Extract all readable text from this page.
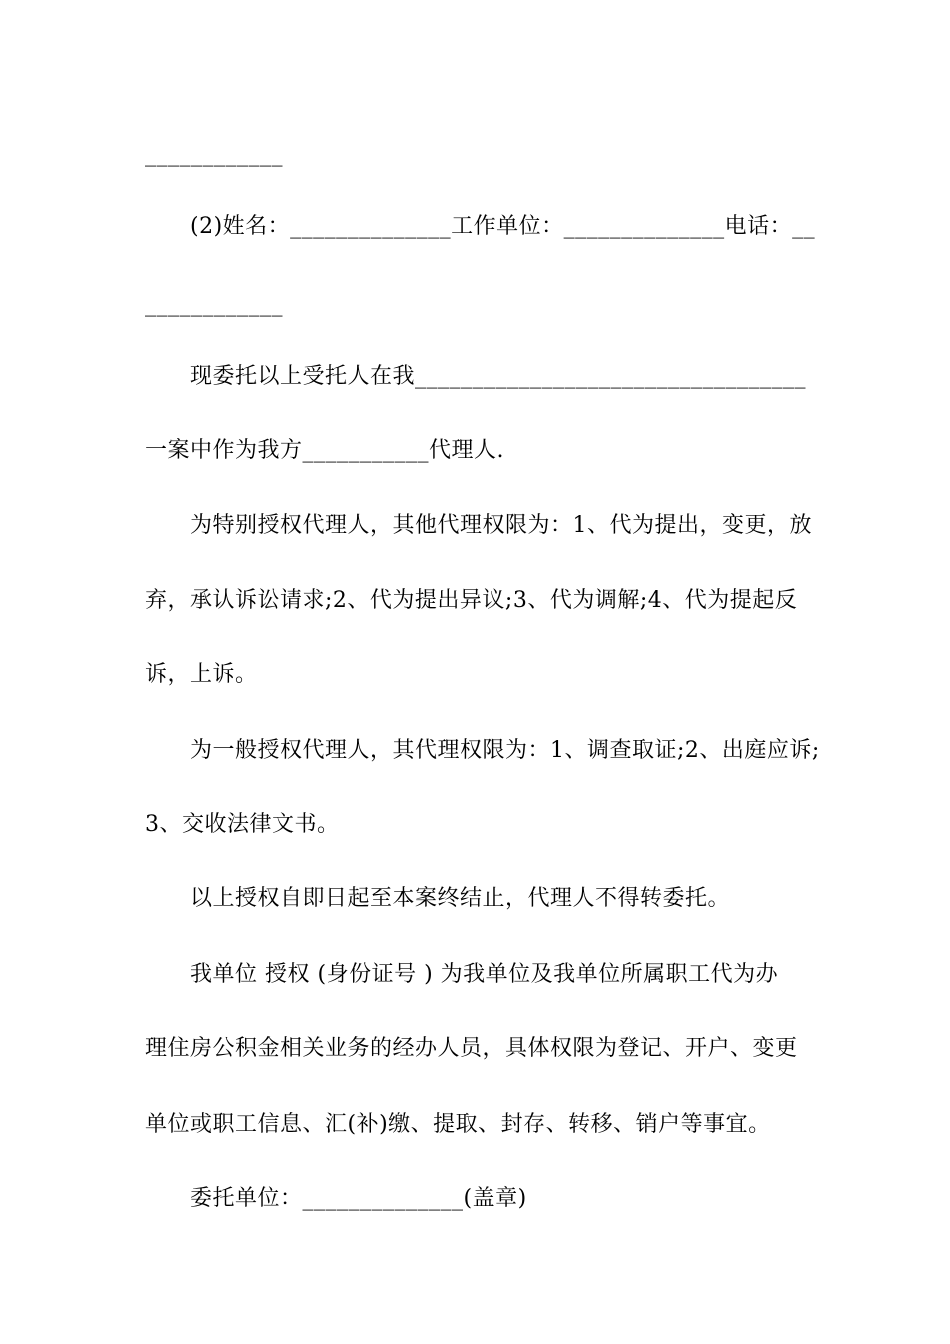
____________
(2)姓名：______________工作单位：______________电话：__
____________
现委托以上受托人在我__________________________________
一案中作为我方___________代理人.
为特别授权代理人，其他代理权限为：1、代为提出，变更，放
弃，承认诉讼请求;2、代为提出异议;3、代为调解;4、代为提起反
诉，上诉。
为一般授权代理人，其代理权限为：1、调查取证;2、出庭应诉;
3、交收法律文书。
以上授权自即日起至本案终结止，代理人不得转委托。
我单位 授权 (身份证号 ) 为我单位及我单位所属职工代为办
理住房公积金相关业务的经办人员，具体权限为登记、开户、变更
单位或职工信息、汇(补)缴、提取、封存、转移、销户等事宜。
委托单位：______________(盖章)
